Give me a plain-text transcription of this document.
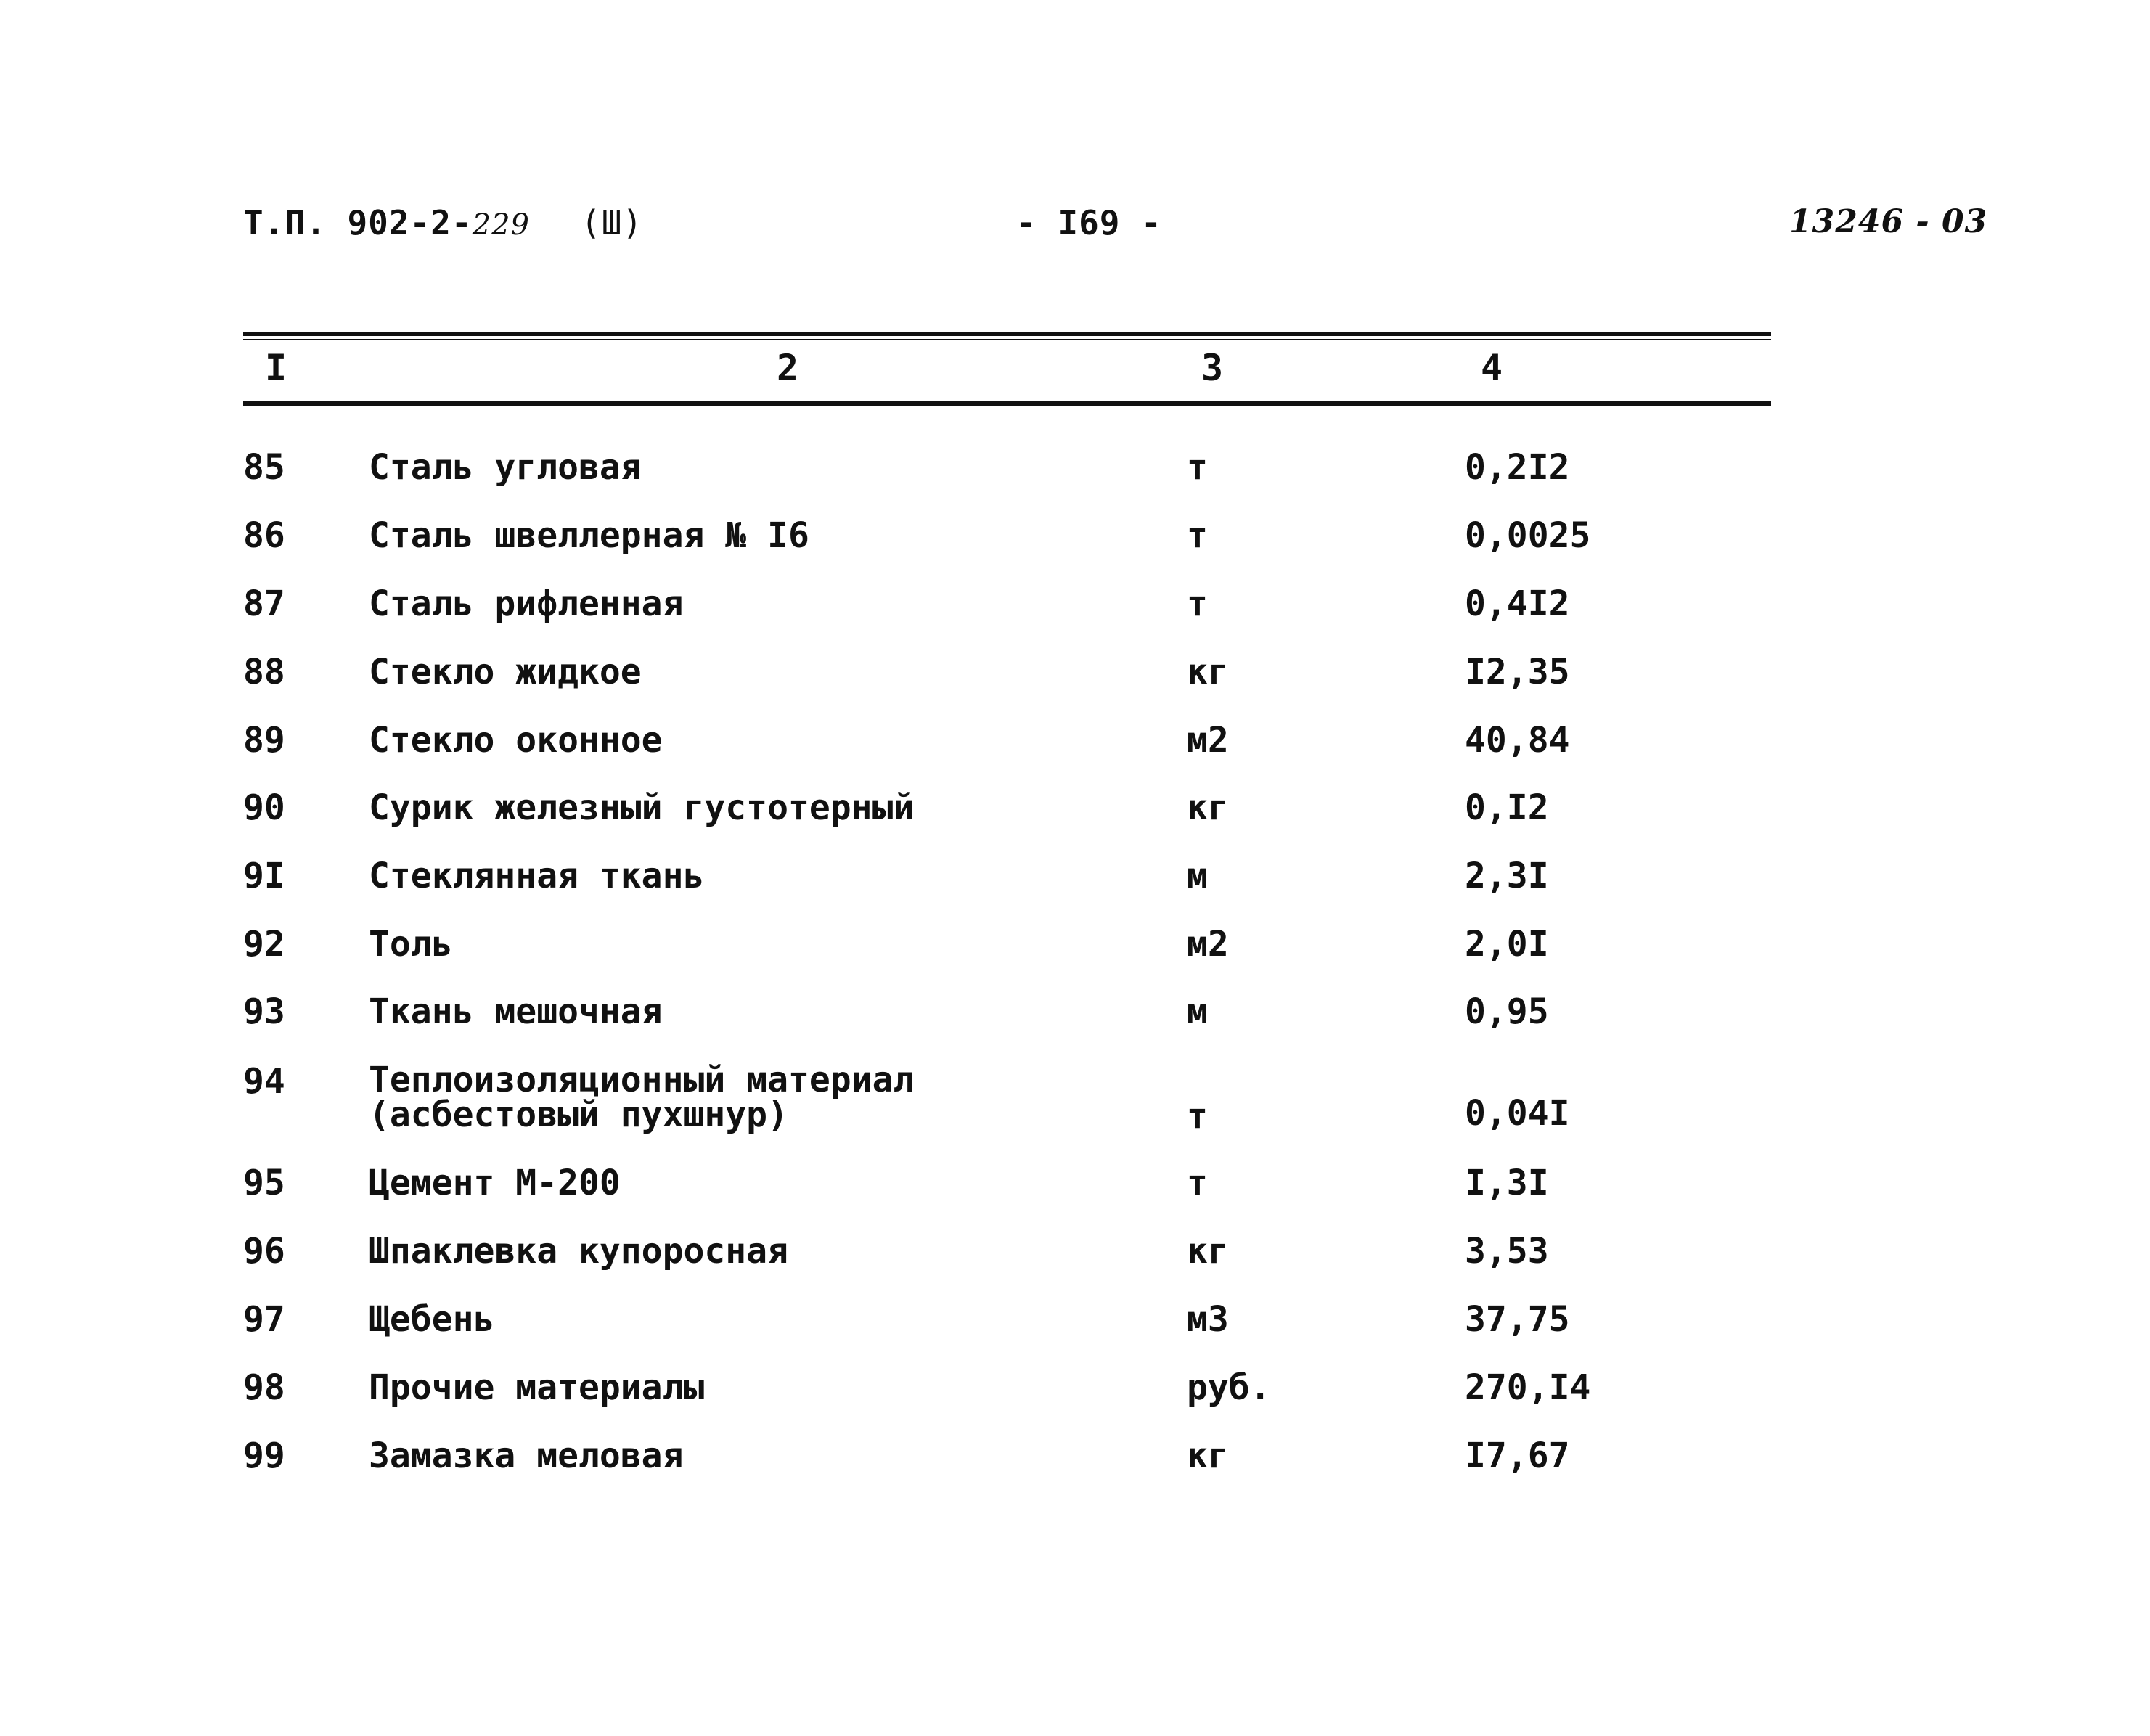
Т.П. 902-2-229 (Ш)	- I69 -	13246 - 03
I	2	3	4
85 Сталь угловая	т	0,2I2
86 Сталь швеллерная № I6	т	0,0025
87 Сталь рифленная	т	0,4I2
88 Стекло жидкое	кг	I2,35
89 Стекло оконное	м2	40,84
90 Сурик железный густотерный	кг	0,I2
9I Стеклянная ткань	м	2,3I
92 Толь	м2	2,0I
93 Ткань мешочная	м	0,95
94 Теплоизоляционный материал
(асбестовый пухшнур)	т	0,04I
95 Цемент М-200	т	I,3I
96 Шпаклевка купоросная	кг	3,53
97 Щебень	м3	37,75
98 Прочие материалы	руб.	270,I4
99 Замазка меловая	кг	I7,67
